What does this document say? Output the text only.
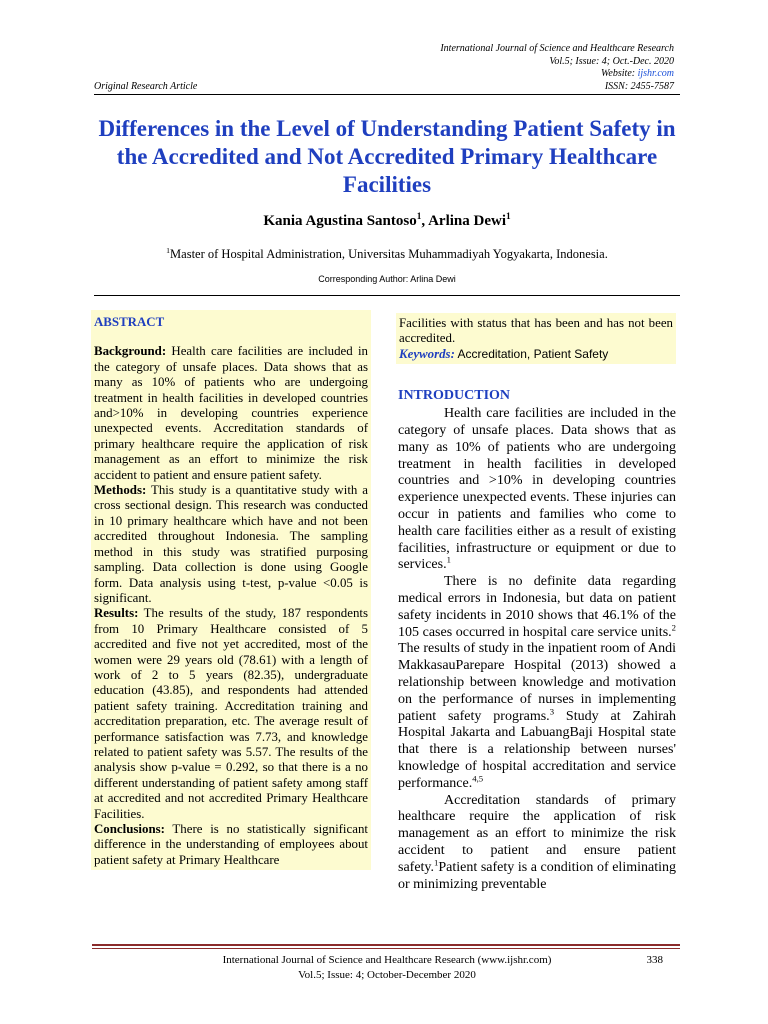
International Journal of Science and Healthcare Research
Vol.5; Issue: 4; Oct.-Dec. 2020
Website: ijshr.com
ISSN: 2455-7587
Original Research Article
Differences in the Level of Understanding Patient Safety in the Accredited and Not Accredited Primary Healthcare Facilities
Kania Agustina Santoso$^1$, Arlina Dewi$^1$
$^1$Master of Hospital Administration, Universitas Muhammadiyah Yogyakarta, Indonesia.
Corresponding Author: Arlina Dewi

ABSTRACT

Background: Health care facilities are included in the category of unsafe places. Data shows that as many as 10% of patients who are undergoing treatment in health facilities in developed countries and>10% in developing countries experience unexpected events. Accreditation standards of primary healthcare require the application of risk management as an effort to minimize the risk accident to patient and ensure patient safety.

Methods: This study is a quantitative study with a cross sectional design. This research was conducted in 10 primary healthcare which have and not been accredited throughout Indonesia. The sampling method in this study was stratified purposing sampling. Data collection is done using Google form. Data analysis using t-test, p-value <0.05 is significant.

Results: The results of the study, 187 respondents from 10 Primary Healthcare consisted of 5 accredited and five not yet accredited, most of the women were 29 years old (78.61) with a length of work of 2 to 5 years (82.35), undergraduate education (43.85), and respondents had attended patient safety training. Accreditation training and accreditation preparation, etc. The average result of performance satisfaction was 7.73, and knowledge related to patient safety was 5.57. The results of the analysis show p-value = 0.292, so that there is a no different understanding of patient safety among staff at accredited and not accredited Primary Healthcare Facilities.

Conclusions: There is no statistically significant difference in the understanding of employees about patient safety at Primary Healthcare

Facilities with status that has been and has not been accredited.

Keywords: Accreditation, Patient Safety

INTRODUCTION

Health care facilities are included in the category of unsafe places. Data shows that as many as 10% of patients who are undergoing treatment in health facilities in developed countries and >10% in developing countries experience unexpected events. These injuries can occur in patients and families who come to health care facilities either as a result of existing facilities, infrastructure or equipment or due to services.$^1$

There is no definite data regarding medical errors in Indonesia, but data on patient safety incidents in 2010 shows that 46.1% of the 105 cases occurred in hospital care service units.$^2$ The results of study in the inpatient room of Andi MakkasauParepare Hospital (2013) showed a relationship between knowledge and motivation on the performance of nurses in implementing patient safety programs.$^3$ Study at Zahirah Hospital Jakarta and LabuangBaji Hospital state that there is a relationship between nurses' knowledge of hospital accreditation and service performance.$^{4,5}$

Accreditation standards of primary healthcare require the application of risk management as an effort to minimize the risk accident to patient and ensure patient safety.$^1$Patient safety is a condition of eliminating or minimizing preventable

International Journal of Science and Healthcare Research (www.ijshr.com)	338
Vol.5; Issue: 4; October-December 2020
